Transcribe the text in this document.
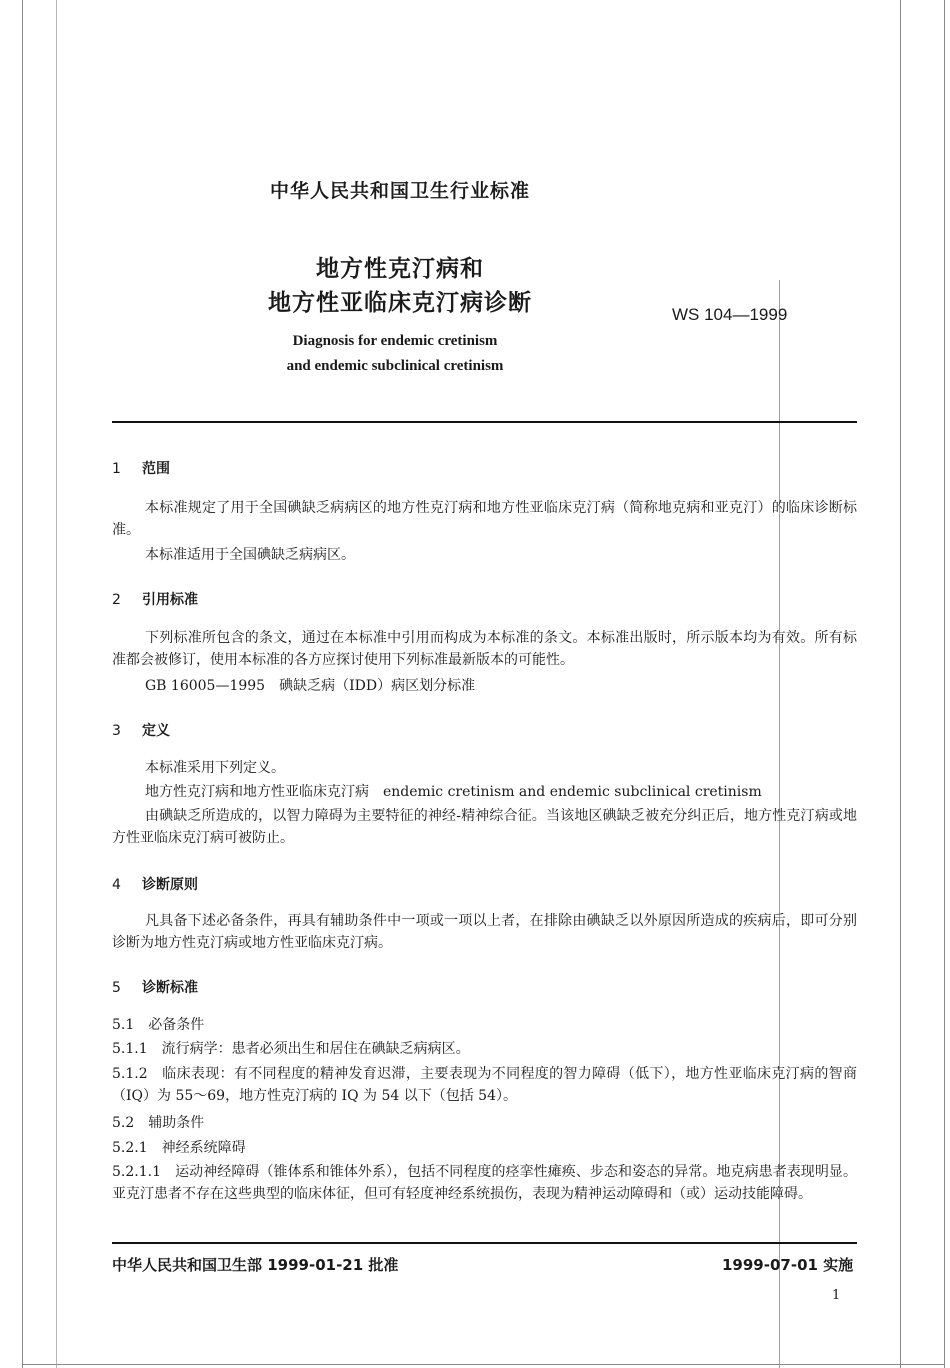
中华人民共和国卫生行业标准
地方性克汀病和
地方性亚临床克汀病诊断	WS 104—1999
Diagnosis for endemic cretinism
and endemic subclinical cretinism
1 范围
本标准规定了用于全国碘缺乏病病区的地方性克汀病和地方性亚临床克汀病（简称地克病和亚克汀）的临床诊断标准。
本标准适用于全国碘缺乏病病区。
2 引用标准
下列标准所包含的条文，通过在本标准中引用而构成为本标准的条文。本标准出版时，所示版本均为有效。所有标准都会被修订，使用本标准的各方应探讨使用下列标准最新版本的可能性。
GB 16005—1995　碘缺乏病（IDD）病区划分标准
3 定义
本标准采用下列定义。
地方性克汀病和地方性亚临床克汀病　endemic cretinism and endemic subclinical cretinism
由碘缺乏所造成的，以智力障碍为主要特征的神经-精神综合征。当该地区碘缺乏被充分纠正后，地方性克汀病或地方性亚临床克汀病可被防止。
4 诊断原则
凡具备下述必备条件，再具有辅助条件中一项或一项以上者，在排除由碘缺乏以外原因所造成的疾病后，即可分别诊断为地方性克汀病或地方性亚临床克汀病。
5 诊断标准
5.1　必备条件
5.1.1　流行病学：患者必须出生和居住在碘缺乏病病区。
5.1.2　临床表现：有不同程度的精神发育迟滞，主要表现为不同程度的智力障碍（低下），地方性亚临床克汀病的智商（IQ）为 55～69，地方性克汀病的 IQ 为 54 以下（包括 54）。
5.2　辅助条件
5.2.1　神经系统障碍
5.2.1.1　运动神经障碍（锥体系和锥体外系），包括不同程度的痉挛性瘫痪、步态和姿态的异常。地克病患者表现明显。亚克汀患者不存在这些典型的临床体征，但可有轻度神经系统损伤，表现为精神运动障碍和（或）运动技能障碍。
中华人民共和国卫生部 1999-01-21 批准	1999-07-01 实施
1
